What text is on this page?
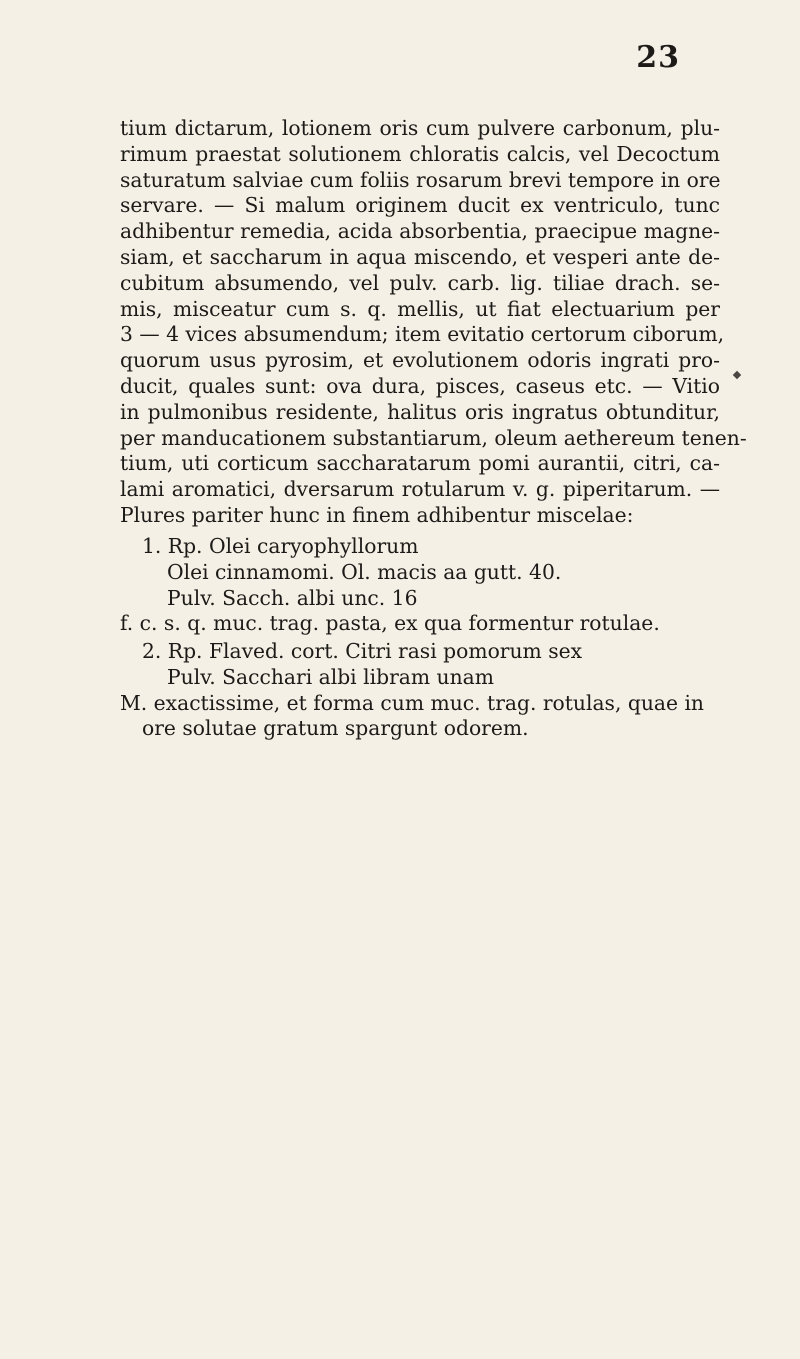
23
tium dictarum, lotionem oris cum pulvere carbonum, plu-
rimum praestat solutionem chloratis calcis, vel Decoctum
saturatum salviae cum foliis rosarum brevi tempore in ore
servare. — Si malum originem ducit ex ventriculo, tunc
adhibentur remedia, acida absorbentia, praecipue magne-
siam, et saccharum in aqua miscendo, et vesperi ante de-
cubitum absumendo, vel pulv. carb. lig. tiliae drach. se-
mis, misceatur cum s. q. mellis, ut fiat electuarium per
3 — 4 vices absumendum; item evitatio certorum ciborum,
quorum usus pyrosim, et evolutionem odoris ingrati pro-
ducit, quales sunt: ova dura, pisces, caseus etc. — Vitio
in pulmonibus residente, halitus oris ingratus obtunditur,
per manducationem substantiarum, oleum aethereum tenen-
tium, uti corticum saccharatarum pomi aurantii, citri, ca-
lami aromatici, dversarum rotularum v. g. piperitarum. —
Plures pariter hunc in finem adhibentur miscelae:
1. Rp. Olei caryophyllorum
Olei cinnamomi. Ol. macis aa gutt. 40.
Pulv. Sacch. albi unc. 16
f. c. s. q. muc. trag. pasta, ex qua formentur rotulae.
2. Rp. Flaved. cort. Citri rasi pomorum sex
Pulv. Sacchari albi libram unam
M. exactissime, et forma cum muc. trag. rotulas, quae in
ore solutae gratum spargunt odorem.
